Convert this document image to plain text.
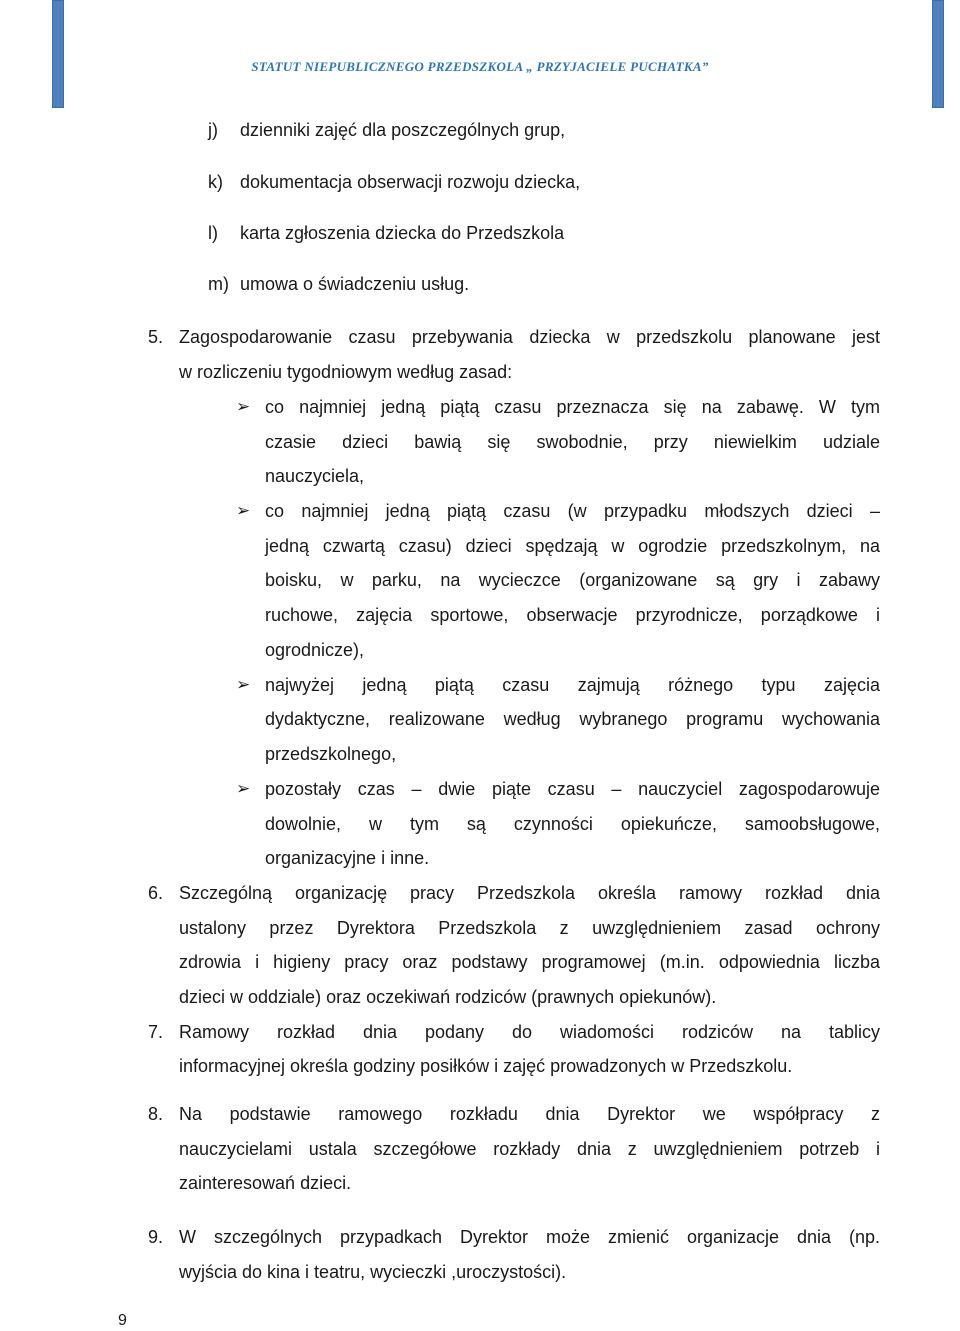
STATUT NIEPUBLICZNEGO PRZEDSZKOLA „ PRZYJACIELE PUCHATKA”
j) dzienniki zajęć dla poszczególnych grup,
k) dokumentacja obserwacji rozwoju dziecka,
l) karta zgłoszenia dziecka do Przedszkola
m) umowa o świadczeniu usług.
5. Zagospodarowanie czasu przebywania dziecka w przedszkolu planowane jest
w rozliczeniu tygodniowym według zasad:
➢ co najmniej jedną piątą czasu przeznacza się na zabawę. W tym
czasie dzieci bawią się swobodnie, przy niewielkim udziale
nauczyciela,
➢ co najmniej jedną piątą czasu (w przypadku młodszych dzieci –
jedną czwartą czasu) dzieci spędzają w ogrodzie przedszkolnym, na
boisku, w parku, na wycieczce (organizowane są gry i zabawy
ruchowe, zajęcia sportowe, obserwacje przyrodnicze, porządkowe i
ogrodnicze),
➢ najwyżej jedną piątą czasu zajmują różnego typu zajęcia
dydaktyczne, realizowane według wybranego programu wychowania
przedszkolnego,
➢ pozostały czas – dwie piąte czasu – nauczyciel zagospodarowuje
dowolnie, w tym są czynności opiekuńcze, samoobsługowe,
organizacyjne i inne.
6. Szczególną organizację pracy Przedszkola określa ramowy rozkład dnia
ustalony przez Dyrektora Przedszkola z uwzględnieniem zasad ochrony
zdrowia i higieny pracy oraz podstawy programowej (m.in. odpowiednia liczba
dzieci w oddziale) oraz oczekiwań rodziców (prawnych opiekunów).
7. Ramowy rozkład dnia podany do wiadomości rodziców na tablicy
informacyjnej określa godziny posiłków i zajęć prowadzonych w Przedszkolu.
8. Na podstawie ramowego rozkładu dnia Dyrektor we współpracy z
nauczycielami ustala szczegółowe rozkłady dnia z uwzględnieniem potrzeb i
zainteresowań dzieci.
9. W szczególnych przypadkach Dyrektor może zmienić organizacje dnia (np.
wyjścia do kina i teatru, wycieczki ,uroczystości).
9
